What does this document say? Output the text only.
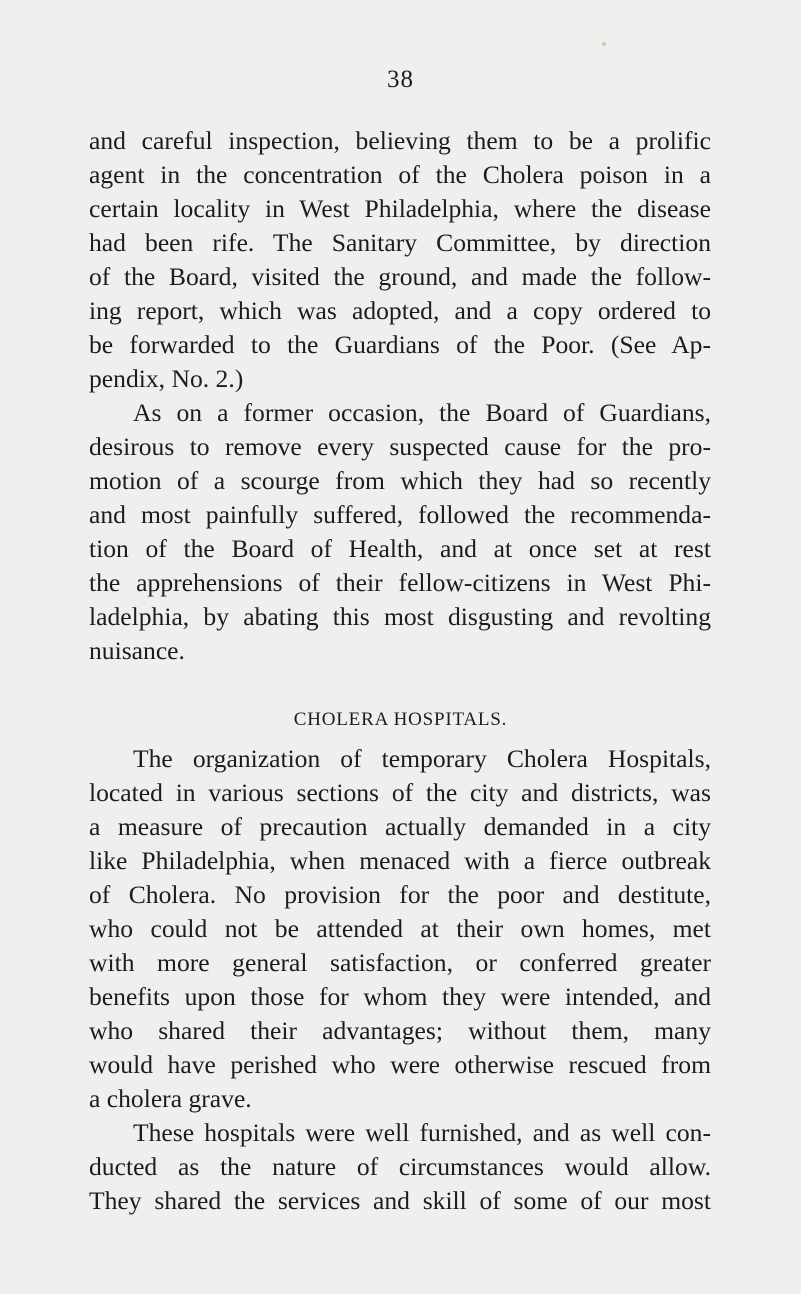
38
and careful inspection, believing them to be a prolific
agent in the concentration of the Cholera poison in a
certain locality in West Philadelphia, where the disease
had been rife. The Sanitary Committee, by direction
of the Board, visited the ground, and made the follow-
ing report, which was adopted, and a copy ordered to
be forwarded to the Guardians of the Poor. (See Ap-
pendix, No. 2.)
As on a former occasion, the Board of Guardians,
desirous to remove every suspected cause for the pro-
motion of a scourge from which they had so recently
and most painfully suffered, followed the recommenda-
tion of the Board of Health, and at once set at rest
the apprehensions of their fellow-citizens in West Phi-
ladelphia, by abating this most disgusting and revolting
nuisance.
CHOLERA HOSPITALS.
The organization of temporary Cholera Hospitals,
located in various sections of the city and districts, was
a measure of precaution actually demanded in a city
like Philadelphia, when menaced with a fierce outbreak
of Cholera. No provision for the poor and destitute,
who could not be attended at their own homes, met
with more general satisfaction, or conferred greater
benefits upon those for whom they were intended, and
who shared their advantages; without them, many
would have perished who were otherwise rescued from
a cholera grave.
These hospitals were well furnished, and as well con-
ducted as the nature of circumstances would allow.
They shared the services and skill of some of our most
